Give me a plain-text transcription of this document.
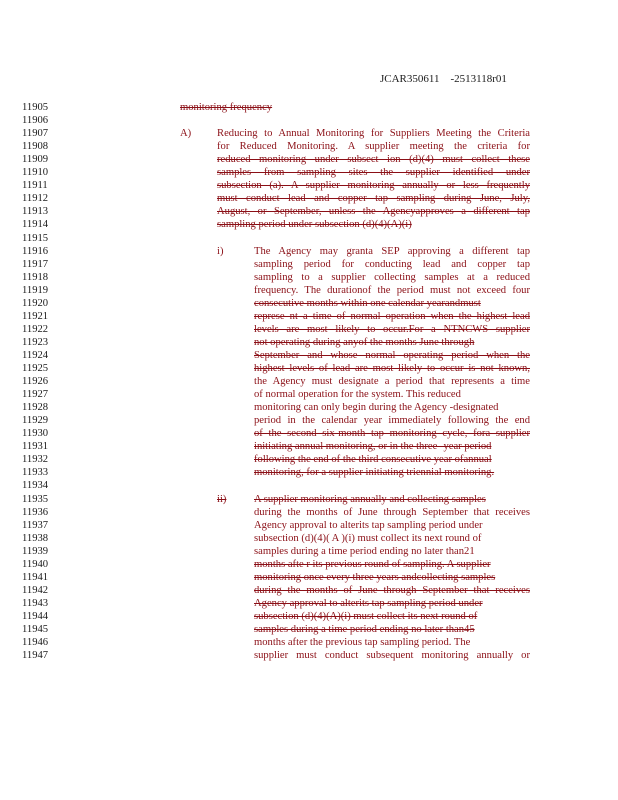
JCAR350611    -2513118r01
11905	monitoring frequency
11906
11907	A) Reducing to Annual Monitoring for Suppliers Meeting the Criteria
11908	for Reduced Monitoring. A supplier meeting the criteria for
11909	reduced monitoring under subsect ion (d)(4) must collect these
11910	samples from sampling sites the supplier identified under
11911	subsection (a). A supplier monitoring annually or less frequently
11912	must conduct lead and copper tap sampling during June, July,
11913	August, or September, unless the Agencyapproves a different tap
11914	sampling period under subsection (d)(4)(A)(i)
11915
11916	i)	The Agency may granta SEP approving a different tap
11917	sampling period for conducting lead and copper tap
11918	sampling to a supplier collecting samples at a reduced
11919	frequency. The durationof the period must not exceed four
11920	consecutive months within one calendar yearandmust
11921	represe nt a time of normal operation when the highest lead
11922	levels are most likely to occur.For a NTNCWS supplier
11923	not operating during anyof the months June through
11924	September and whose normal operating period when the
11925	highest levels of lead are most likely to occur is not known,
11926	the Agency must designate a period that represents a time
11927	of normal operation for the system. This reduced
11928	monitoring can only begin during the Agency -designated
11929	period in the calendar year immediately following the end
11930	of the second six-month tap monitoring cycle, fora supplier
11931	initiating annual monitoring, or in the three -year period
11932	following the end of the third consecutive year ofannual
11933	monitoring, for a supplier initiating triennial monitoring.
11934
11935	ii)	A supplier monitoring annually and collecting samples
11936	during the months of June through September that receives
11937	Agency approval to alterits tap sampling period under
11938	subsection (d)(4)( A )(i) must collect its next round of
11939	samples during a time period ending no later than21
11940	months afte r its previous round of sampling. A supplier
11941	monitoring once every three years andcollecting samples
11942	during the months of June through September that receives
11943	Agency approval to alterits tap sampling period under
11944	subsection (d)(4)(A)(i) must collect its next round of
11945	samples during a time period ending no later than45
11946	months after the previous tap sampling period. The
11947	supplier must conduct subsequent monitoring annually or
